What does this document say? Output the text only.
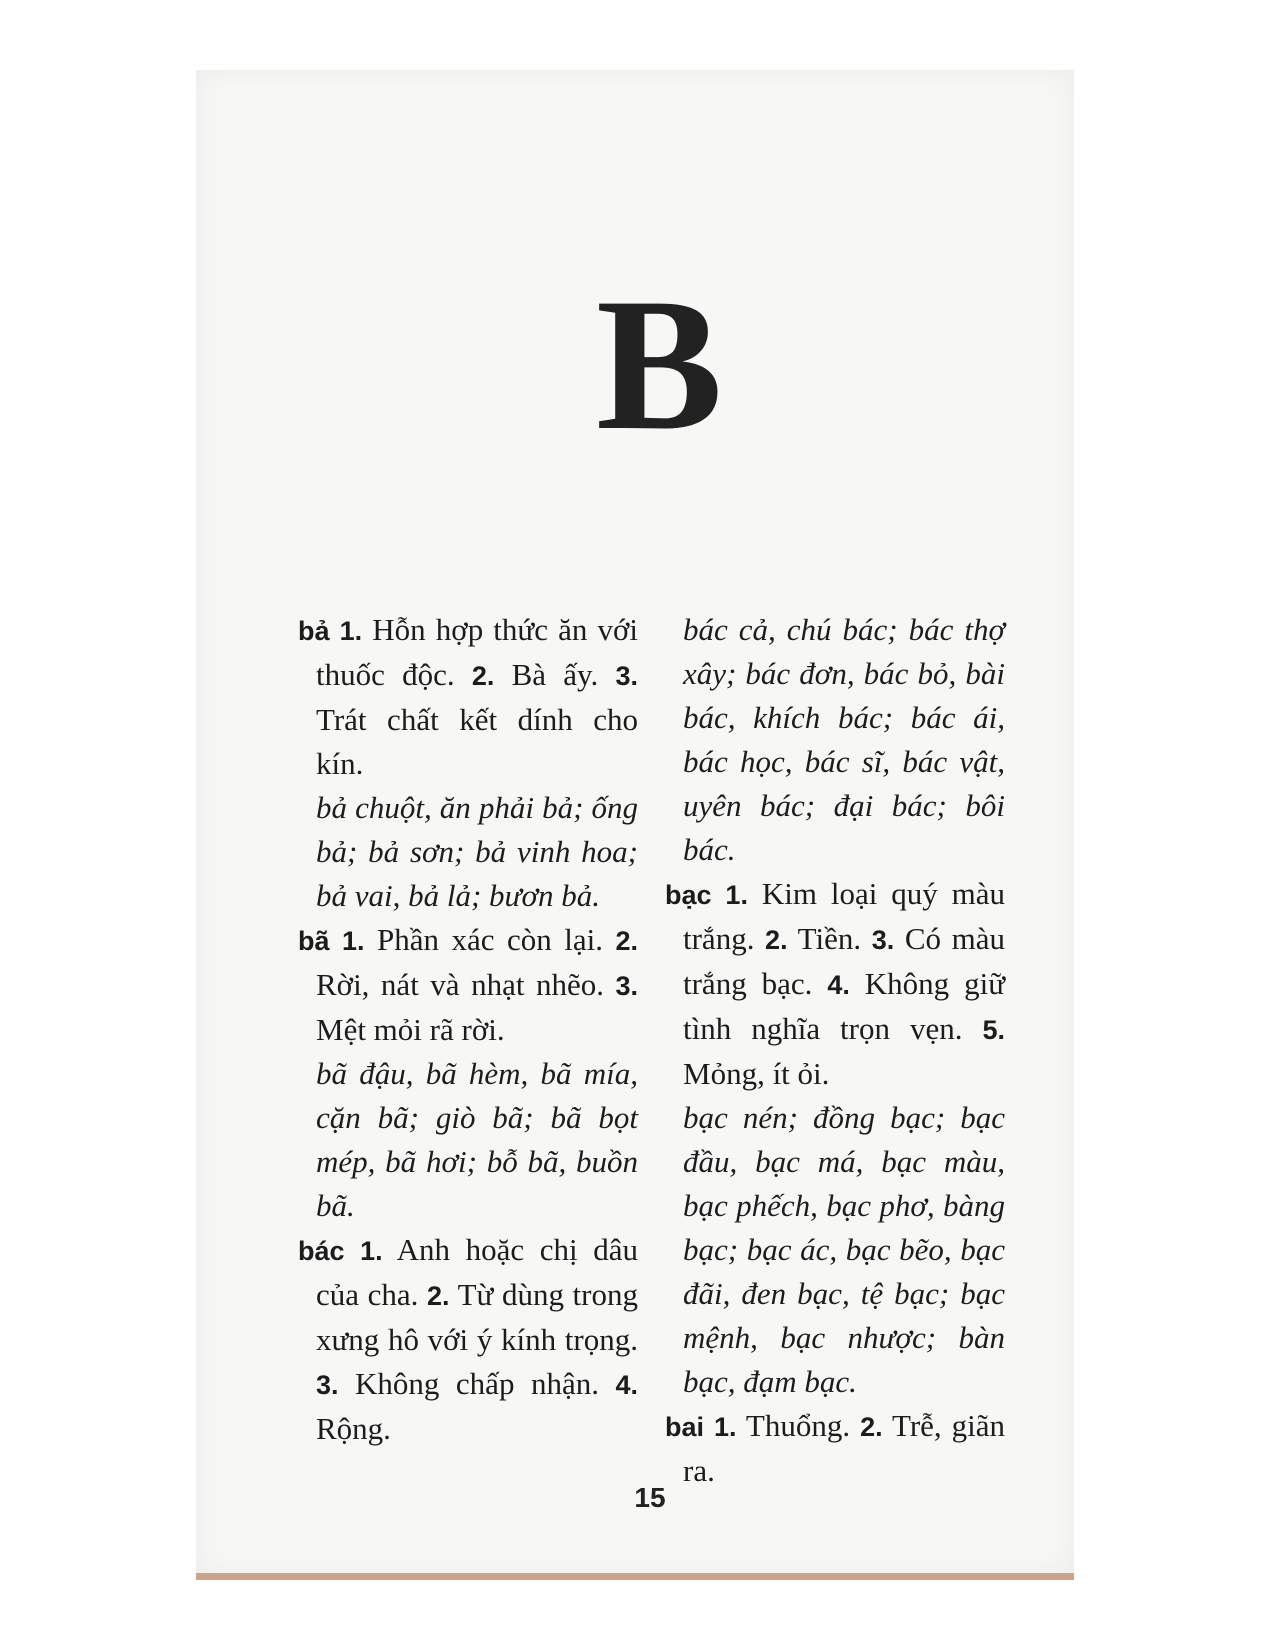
B
bả 1. Hỗn hợp thức ăn với thuốc độc. 2. Bà ấy. 3. Trát chất kết dính cho kín.
bả chuột, ăn phải bả; ống bả; bả sơn; bả vinh hoa; bả vai, bả lả; bươn bả.
bã 1. Phần xác còn lại. 2. Rời, nát và nhạt nhẽo. 3. Mệt mỏi rã rời.
bã đậu, bã hèm, bã mía, cặn bã; giò bã; bã bọt mép, bã hơi; bỗ bã, buồn bã.
bác 1. Anh hoặc chị dâu của cha. 2. Từ dùng trong xưng hô với ý kính trọng. 3. Không chấp nhận. 4. Rộng.
bác cả, chú bác; bác thợ xây; bác đơn, bác bỏ, bài bác, khích bác; bác ái, bác học, bác sĩ, bác vật, uyên bác; đại bác; bôi bác.
bạc 1. Kim loại quý màu trắng. 2. Tiền. 3. Có màu trắng bạc. 4. Không giữ tình nghĩa trọn vẹn. 5. Mỏng, ít ỏi.
bạc nén; đồng bạc; bạc đầu, bạc má, bạc màu, bạc phếch, bạc phơ, bàng bạc; bạc ác, bạc bẽo, bạc đãi, đen bạc, tệ bạc; bạc mệnh, bạc nhược; bàn bạc, đạm bạc.
bai 1. Thuổng. 2. Trễ, giãn ra.
15
